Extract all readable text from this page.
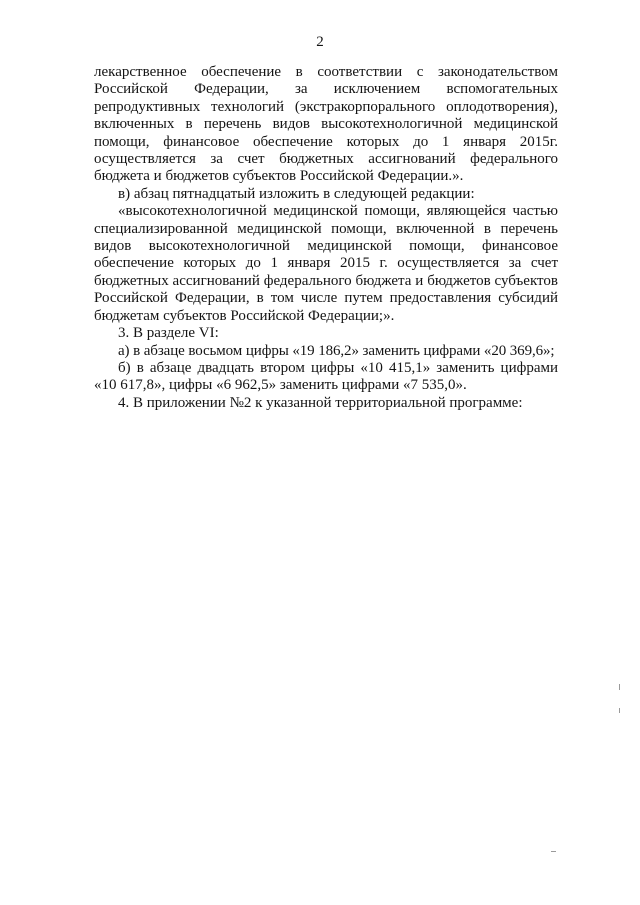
2

лекарственное обеспечение в соответствии с законодательством Российской Федерации, за исключением вспомогательных репродуктивных технологий (экстракорпорального оплодотворения), включенных в перечень видов высокотехнологичной медицинской помощи, финансовое обеспечение которых до 1 января 2015г. осуществляется за счет бюджетных ассигнований федерального бюджета и бюджетов субъектов Российской Федерации.».

в) абзац пятнадцатый изложить в следующей редакции:

«высокотехнологичной медицинской помощи, являющейся частью специализированной медицинской помощи, включенной в перечень видов высокотехнологичной медицинской помощи, финансовое обеспечение которых до 1 января 2015 г. осуществляется за счет бюджетных ассигнований федерального бюджета и бюджетов субъектов Российской Федерации, в том числе путем предоставления субсидий бюджетам субъектов Российской Федерации;».

3. В разделе VI:

а) в абзаце восьмом цифры «19 186,2» заменить цифрами «20 369,6»;

б) в абзаце двадцать втором цифры «10 415,1» заменить цифрами «10 617,8», цифры «6 962,5» заменить цифрами «7 535,0».

4. В приложении №2 к указанной территориальной программе:
